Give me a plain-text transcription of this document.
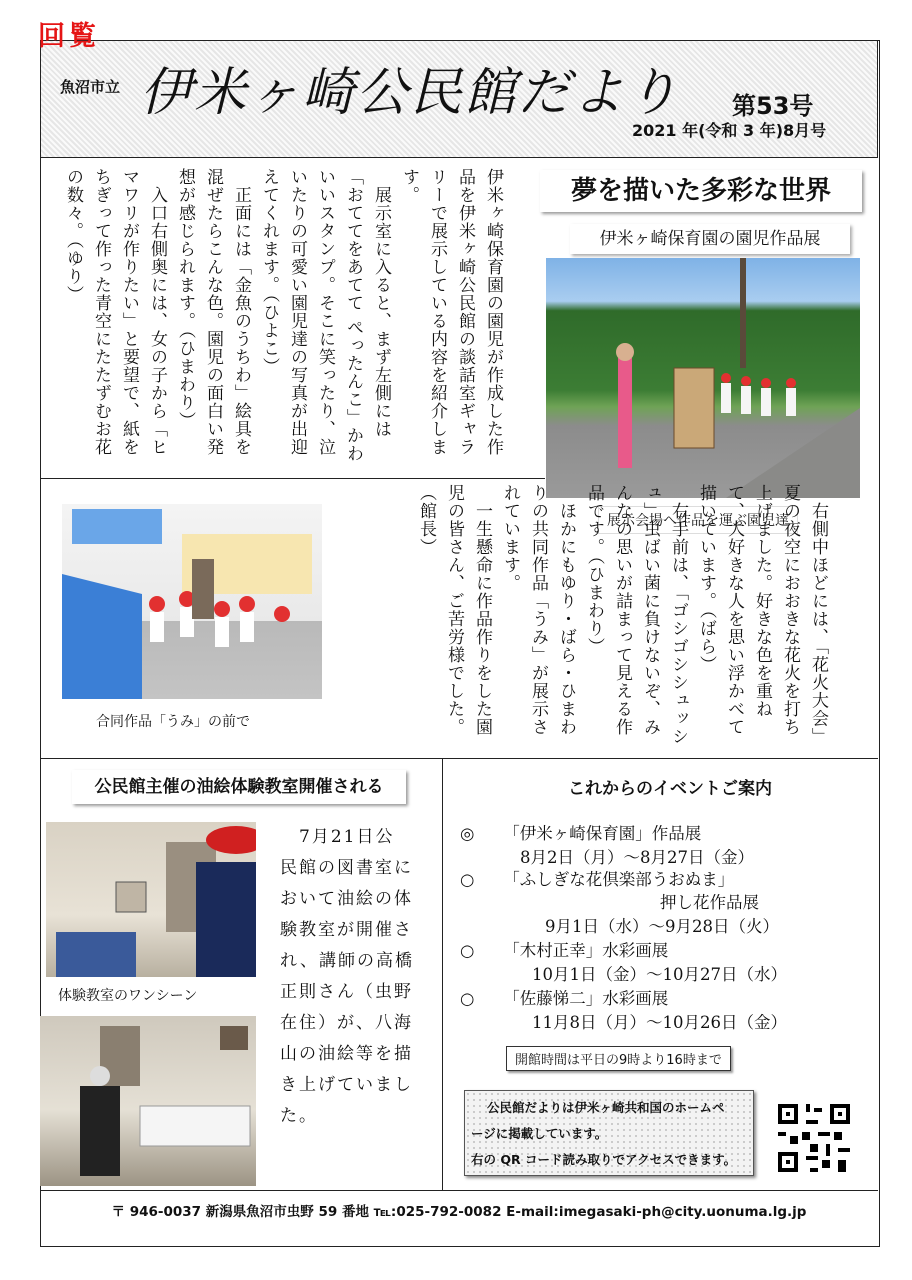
回覧
魚沼市立 伊米ヶ崎公民館だより 第53号
2021 年(令和 3 年)8月号

伊米ヶ崎保育園の園児が作成した作品を伊米ヶ崎公民館の談話室ギャラリーで展示している内容を紹介します。
　展示室に入ると、まず左側には「おててをあてて ぺったんこ」かわいいスタンプ。そこに笑ったり、泣いたりの可愛い園児達の写真が出迎えてくれます。（ひよこ）
　正面には「金魚のうちわ」絵具を混ぜたらこんな色。園児の面白い発想が感じられます。（ひまわり）
　入口右側奥には、女の子から「ヒマワリが作りたい」と要望で、紙をちぎって作った青空にたたずむお花の数々。（ゆり）	夢を描いた多彩な世界
伊米ヶ崎保育園の園児作品展
展示会場へ作品を運ぶ園児達
合同作品「うみ」の前で	　右側中ほどには、「花火大会」夏の夜空におおきな花火を打ち上げました。好きな色を重ねて、大好きな人を思い浮かべて描いています。（ばら）
　右手前は、「ゴシゴシシュッシュ」虫ばい菌に負けないぞ、みんなの思いが詰まって見える作品です。（ひまわり）
　ほかにもゆり・ばら・ひまわりの共同作品「うみ」が展示されています。
　一生懸命に作品作りをした園児の皆さん、ご苦労様でした。（館長）

公民館主催の油絵体験教室開催される
体験教室のワンシーン
　7月21日公
民館の図書室に
おいて油絵の体
験教室が開催さ
れ、講師の高橋
正則さん（虫野
在住）が、八海
山の油絵等を描
き上げていまし
た。
これからのイベントご案内
◎ 「伊米ヶ崎保育園」作品展
8月2日（月）～8月27日（金）
○ 「ふしぎな花倶楽部うおぬま」
押し花作品展
9月1日（水）～9月28日（火）
○ 「木村正幸」水彩画展
10月1日（金）～10月27日（水）
○ 「佐藤悌二」水彩画展
11月8日（月）～10月26日（金）
開館時間は平日の9時より16時まで
公民館だよりは伊米ヶ崎共和国のホームペ
ージに掲載しています。
右の QR コード読み取りでアクセスできます。
〒 946-0037 新潟県魚沼市虫野 59 番地 ℡:025-792-0082 E-mail:imegasaki-ph@city.uonuma.lg.jp
